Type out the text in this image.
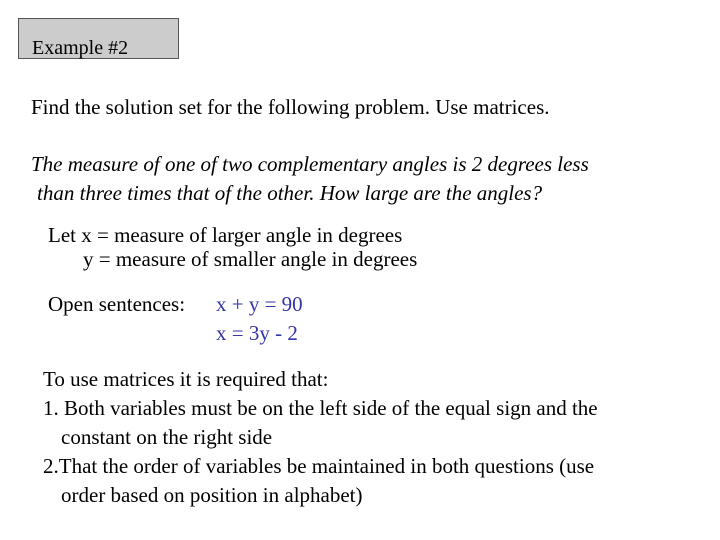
Example #2
Find the solution set for the following problem. Use matrices.
The measure of one of two complementary angles is 2 degrees less
than three times that of the other. How large are the angles?
Let x = measure of larger angle in degrees
y = measure of smaller angle in degrees
Open sentences: x + y = 90
x = 3y - 2
To use matrices it is required that:
1. Both variables must be on the left side of the equal sign and the
constant on the right side
2.That the order of variables be maintained in both questions (use
order based on position in alphabet)
